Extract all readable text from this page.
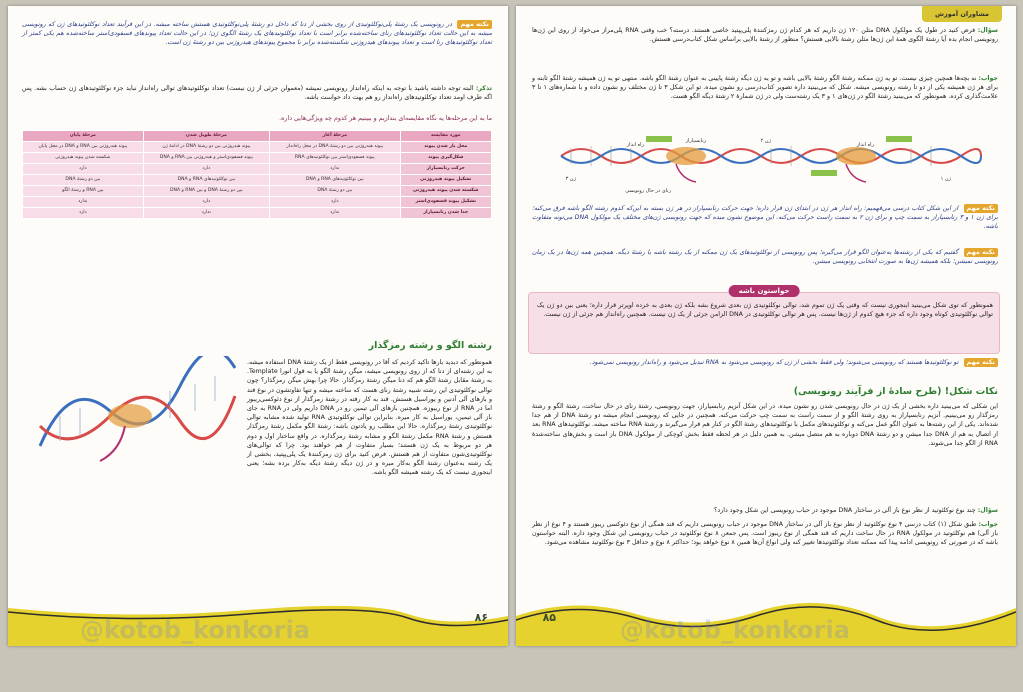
مشاوران آموزش

سؤال: فرض کنید در طول یک مولکول DNA مثلن ۱۲۰ ژن داریم که هر کدام ژن رمزکنندهٔ پلی‌پپتید خاصی هستند. درسته؟ خب وقتی RNA پلی‌مراز می‌خواد از روی این ژن‌ها رونویسی انجام بده آیا رشتهٔ الگوی همهٔ این ژن‌ها مثلن رشتهٔ بالایی هستش؟ منظور از رشتهٔ بالایی براساس شکل کتاب‌درسی هستش.

جواب: نه بچه‌ها همچین چیزی نیست. تو یه ژن ممکنه رشتهٔ الگو رشتهٔ بالایی باشه و تو یه ژن دیگه رشتهٔ پایینی به عنوان رشتهٔ الگو باشه. منتهی تو یه ژن همیشه رشتهٔ الگو ثابته و برای هر ژن همیشه یکی از دو تا رشته رونویسی میشه. شکل که می‌بینید داره تصویر کتاب‌درسی رو نشون میده. تو این شکل ۳ تا ژن مختلف رو نشون داده و با شماره‌های ۱ تا ۳ علامت‌گذاری کرده. همونطور که می‌بینید رشتهٔ الگو در ژن‌های ۱ و ۳ یک رشته‌ست ولی در ژن شمارهٔ ۲ رشتهٔ دیگه الگو هست.

ژن ۱
ژن ۲
ژن ۳
راه انداز	راه انداز
رنابسپاراز
رنای در حال رونویسی

نکته مهم از این شکل کتاب درسی می‌فهمیم: راه انداز هر ژن در ابتدای ژن قرار داره؛ جهت حرکت رنابسپاراز در هر ژن بسته به این‌که کدوم رشته الگو باشه فرق می‌کنه؛ برای ژن ۱ و ۳ رنابسپاراز به سمت چپ و برای ژن ۲ به سمت راست حرکت می‌کنه. این موضوع نشون میده که جهت رونویسی ژن‌های مختلف یک مولکول DNA می‌تونه متفاوت باشه.

نکته مهم گفتیم که یکی از رشته‌ها به‌عنوان الگو قرار می‌گیره؛ پس رونویسی از نوکلئوتیدهای یک ژن ممکنه از یک رشته باشه یا رشتهٔ دیگه. همچنین همه ژن‌ها در یک زمان رونویسی نمیشن؛ بلکه همیشه ژن‌ها به صورت انتخابی رونویسی میشن.

حواستون باشه

همونطور که توی شکل می‌بینید اینجوری نیست که وقتی یک ژن تموم شد، توالی نوکلئوتیدی ژن بعدی شروع بشه بلکه ژن بعدی به خرده اوپرتر قرار داره؛ یعنی بین دو ژن یک توالی نوکلئوتیدی کوتاه وجود داره که جزء هیچ کدوم از ژن‌ها نیست. پس هر توالی نوکلئوتیدی در DNA الزامن جزئی از یک ژن نیست. همچنین راه‌انداز هم جزئی از ژن نیست.

نکته مهم تو نوکلئوتیدها هستند که رونویسی می‌شوند؛ ولی فقط بخشی از ژن که رونویسی می‌شود به RNA تبدیل می‌شود و راه‌انداز رونویسی نمی‌شود.

نکات شکل! (طرح سادهٔ از فرآیند رونویسی)

این شکلی که می‌بینید داره بخشی از یک ژن در حال رونویسی شدن رو نشون میده. در این شکل آنزیم رنابسپاراز، جهت رونویسی، رشتهٔ رنای در حال ساخت، رشتهٔ الگو و رشتهٔ رمزگذار رو می‌بینیم. آنزیم رنابسپاراز به روی رشتهٔ الگو و از سمت راست به سمت چپ حرکت می‌کنه. همچنین در جایی که رونویسی انجام میشه دو رشتهٔ DNA از هم جدا شده‌اند. یکی از این رشته‌ها به عنوان الگو عمل می‌کنه و نوکلئوتیدهای مکمل با نوکلئوتیدهای رشتهٔ الگو در کنار هم قرار می‌گیرند و رشتهٔ RNA ساخته میشه. نوکلئوتیدهای RNA بعد از اتصال به هم از DNA جدا میشن و دو رشتهٔ DNA دوباره به هم متصل میشن. به همین دلیل در هر لحظه فقط بخش کوچکی از مولکول DNA باز است و بخش‌های ساخته‌شدهٔ RNA از الگو جدا می‌شوند.

سؤال: چند نوع نوکلئوتید از نظر نوع باز آلی در ساختار DNA موجود در حباب رونویسی این شکل وجود دارد؟

جواب: طبق شکل (۱) کتاب درسی ۴ نوع نوکلئوتید از نظر نوع باز آلی در ساختار DNA موجود در حباب رونویسی داریم که قند همگی از نوع دئوکسی ریبوز هستند و ۴ نوع از نظر باز آلی) هم نوکلئوتید در مولکول RNA در حال ساخت داریم که قند همگی از نوع ریبوز است. پس جمعن ۸ نوع نوکلئوتید در حباب رونویسی این شکل وجود داره. البته حواستون باشه که در صورتی که رونویسی ادامه پیدا کنه ممکنه تعداد نوکلئوتیدها تغییر کنه ولی انواع آن‌ها همین ۸ نوع خواهد بود؛ حداکثر ۸ نوع و حداقل ۳ نوع نوکلئوتید مشاهده می‌شود.

۸۵

نکته مهم در رونویسی یک رشتهٔ پلی‌نوکلئوتیدی از روی بخشی از دنا که داخل دو رشتهٔ پلی‌نوکلئوتیدی هستش ساخته میشه. در این فرآیند تعداد نوکلئوتیدهای ژن که رونویسی میشه به این حالت تعداد نوکلئوتیدهای رنای ساخته‌شده برابر است با تعداد نوکلئوتیدهای یک رشتهٔ الگوی ژن؛ در این حالت تعداد پیوندهای فسفودی‌استر ساخته‌شده هم یکی کمتر از تعداد نوکلئوتیدهای رنا است و تعداد پیوندهای هیدروژنی شکسته‌شده برابر با مجموع پیوندهای هیدروژنی بین دو رشتهٔ ژن است.

تذکر: البته توجه داشته باشید با توجه به اینکه راه‌انداز رونویسی نمیشه (معمولن جزئی از ژن نیست) تعداد نوکلئوتیدهای توالی راه‌انداز نباید جزء نوکلئوتیدهای ژن حساب بشه. پس اگه طرف اومد تعداد نوکلئوتیدهای راه‌انداز رو هم بهت داد حواست باشه.

ما به این مرحله‌ها یه نگاه مقایسه‌ای بندازیم و ببینیم هر کدوم چه ویژگی‌هایی داره.

مورد مقایسه	مرحلهٔ آغاز	مرحلهٔ طویل شدن	مرحلهٔ پایان
محل باز شدن پیوند	پیوند هیدروژنی بین دو رشتهٔ DNA در محل راه‌انداز	پیوند هیدروژنی بین دو رشتهٔ DNA در ادامهٔ ژن	پیوند هیدروژنی بین RNA و DNA در محل پایان
شکل‌گیری پیوند	پیوند فسفودی‌استر بین نوکلئوتیدهای RNA	پیوند فسفودی‌استر و هیدروژنی بین RNA و DNA	شکسته شدن پیوند هیدروژنی
حرکت رنابسپاراز	ندارد	دارد	دارد
تشکیل پیوند هیدروژنی	بین نوکلئوتیدهای RNA و DNA	بین نوکلئوتیدهای RNA و DNA	بین دو رشتهٔ DNA
شکسته شدن پیوند هیدروژنی	بین دو رشتهٔ DNA	بین دو رشتهٔ DNA و بین RNA و DNA	بین RNA و رشتهٔ الگو
تشکیل پیوند فسفودی‌استر	دارد	دارد	ندارد
جدا شدن رنابسپاراز	ندارد	ندارد	دارد

رشته الگو و رشته رمزگذار

همونطور که دیدید بارها تاکید کردیم که آقا در رونویسی فقط از یک رشتهٔ DNA استفاده میشه. به این رشته‌ای از دنا که از روی رونویسی میشه، میگن رشتهٔ الگو یا به قول انورا Template. به رشتهٔ مقابل رشتهٔ الگو هم که دنا میگن رشتهٔ رمزگذار. حالا چرا بهش میگن رمزگذار؟ چون توالی نوکلئوتیدی این رشته شبیه رشتهٔ رنای هست که ساخته میشه و تنها تفاوتشون در نوع قند و بازهای آلی آدنین و یوراسیل هستش. قند به کار رفته در رشتهٔ رمزگذار از نوع دئوکسی‌ریبوز اما در RNA از نوع ریبوزه. همچنین بازهای آلی تیمین رو در DNA داریم ولی در RNA به جای باز آلی تیمین، یوراسیل به کار میره. بنابراین توالی نوکلئوتیدی RNA تولید شده مشابه توالی نوکلئوتیدی رشتهٔ رمزگذاره. حالا این مطلب رو یادتون باشه: رشتهٔ الگو مکمل رشتهٔ رمزگذار هستش و رشتهٔ RNA مکمل رشتهٔ الگو و مشابه رشتهٔ رمزگذاره. در واقع ساختار اول و دوم هر دو مربوط به یک ژن هستند؛ بسیار متفاوت از هم خواهند بود. چرا که توالی‌های نوکلئوتیدی‌شون متفاوت از هم هستش. فرض کنید برای ژن رمزکنندهٔ یک پلی‌پپتید، بخشی از یک رشته به‌عنوان رشتهٔ الگو به‌کار میره و در ژن دیگه رشتهٔ دیگه به‌کار برده بشه؛ یعنی اینجوری نیست که یک رشته همیشه الگو باشه.

۸۶
@kotob_konkoria	@kotob_konkoria
